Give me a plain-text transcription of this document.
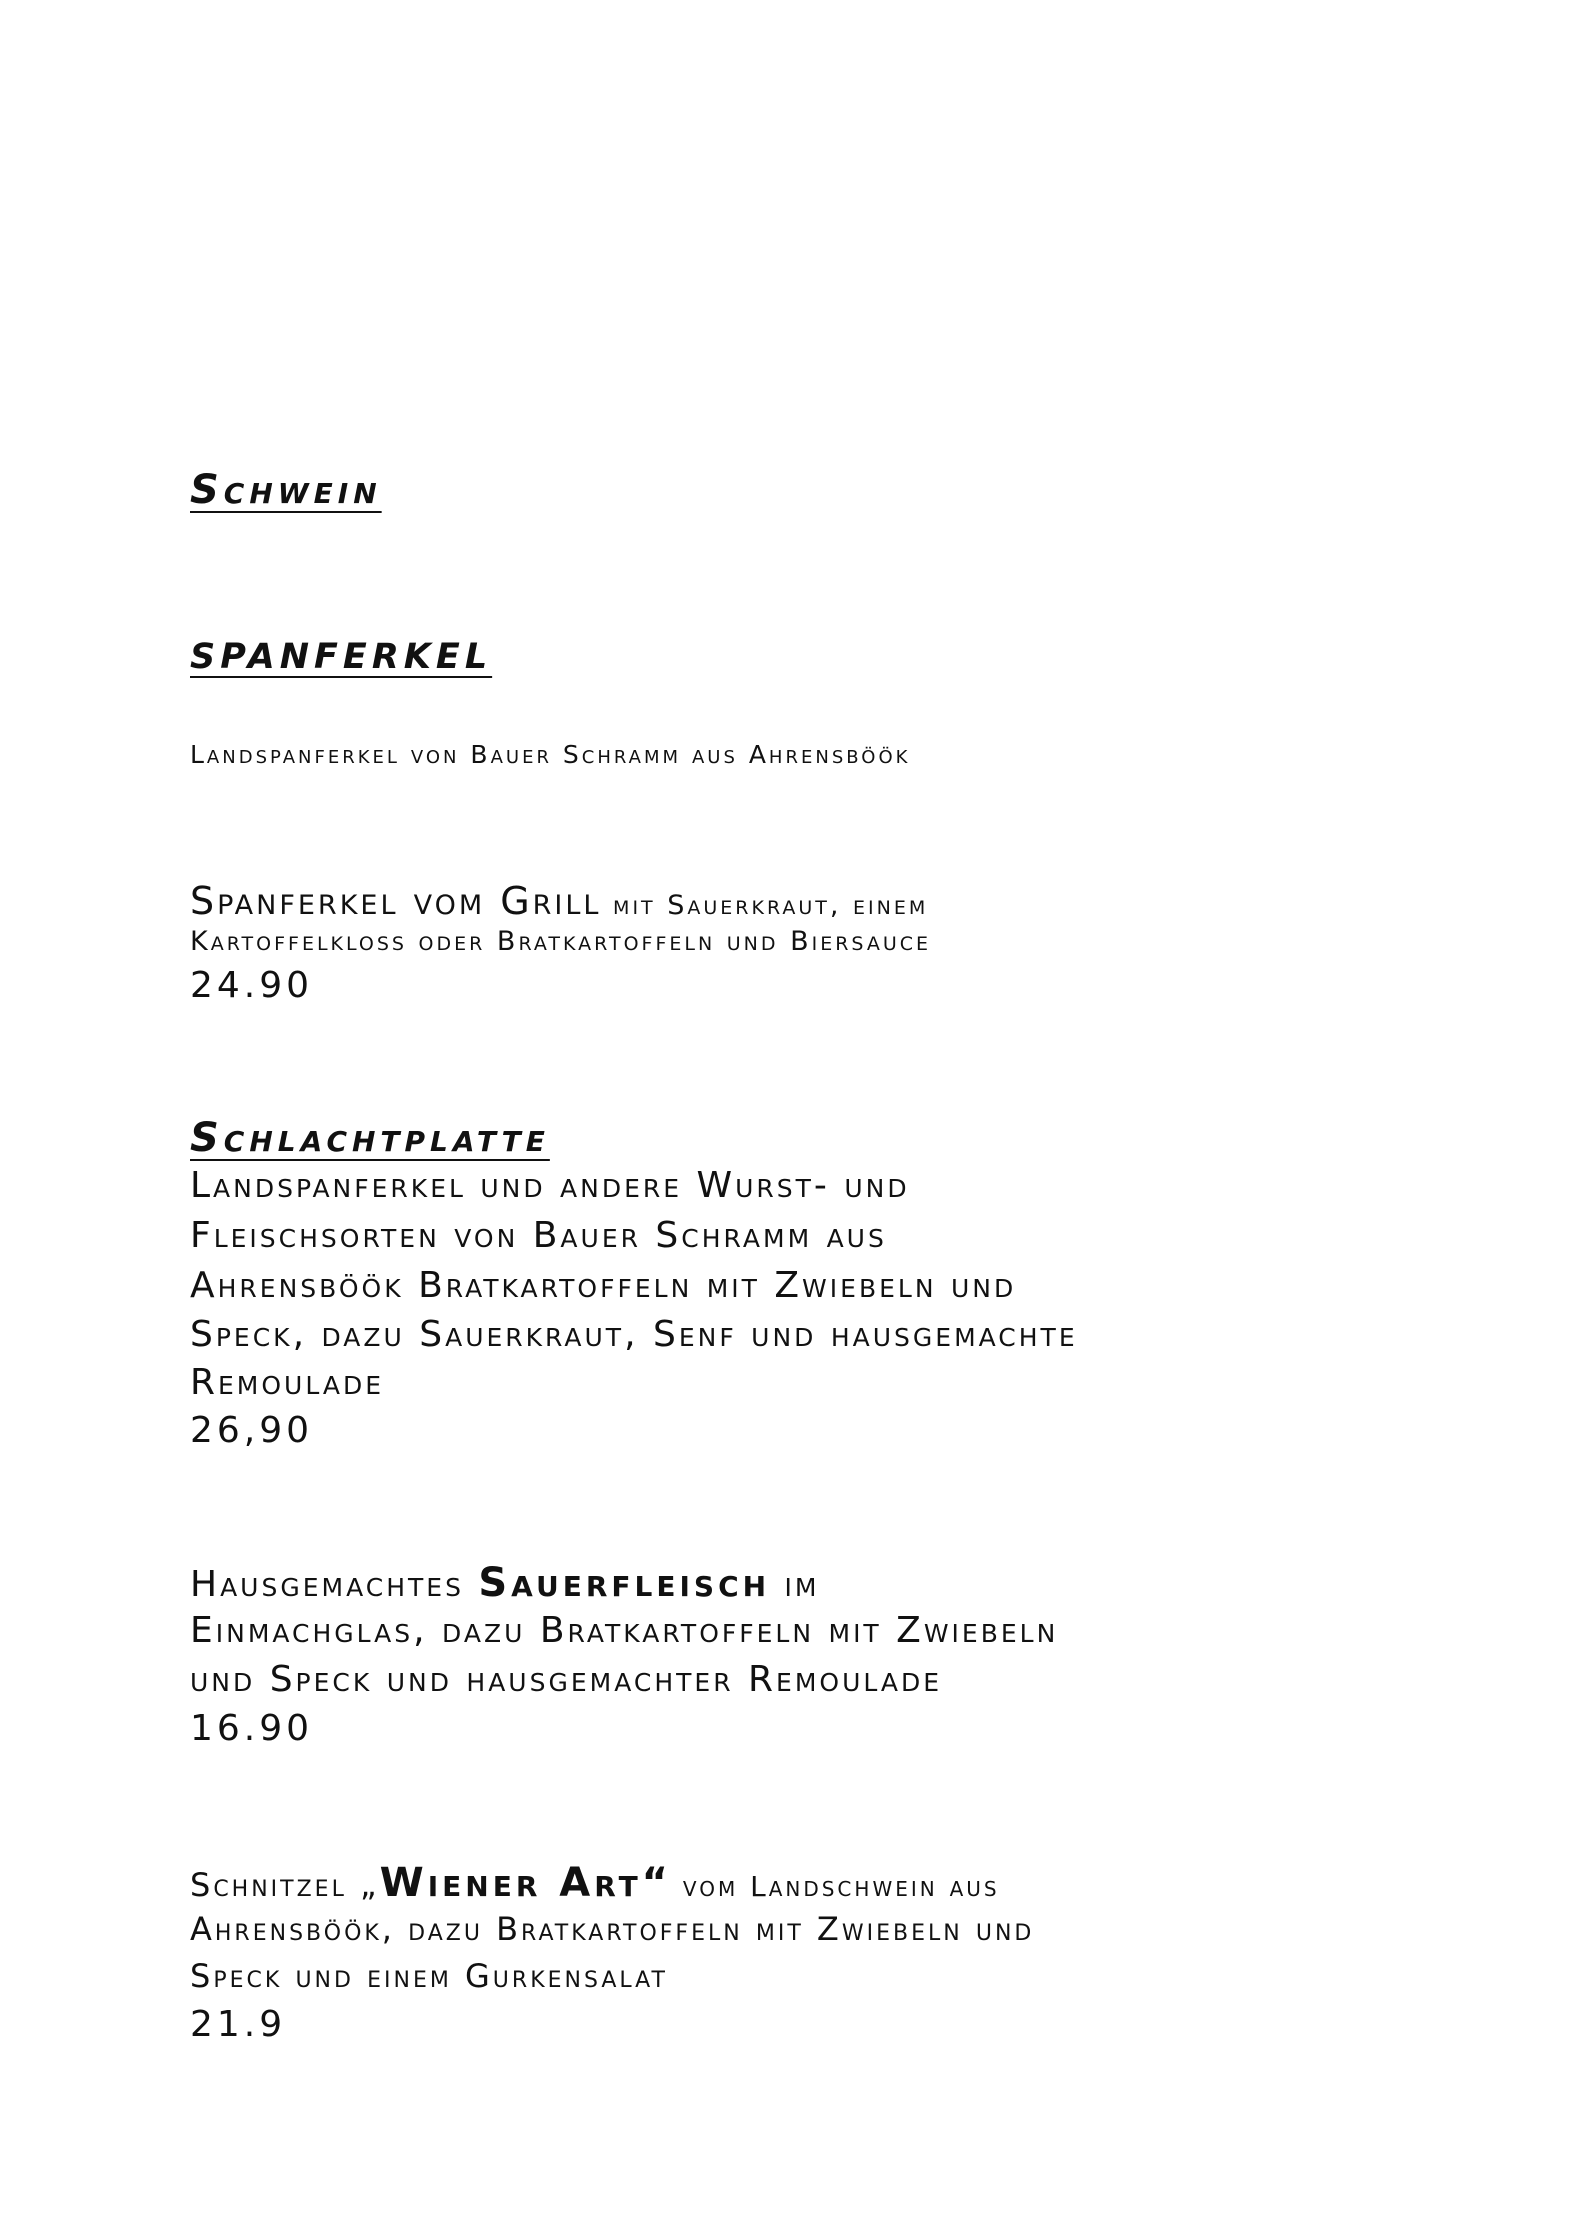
Schwein
SPANFERKEL

Landspanferkel von Bauer Schramm aus Ahrensböök

Spanferkel vom Grill mit Sauerkraut, einem

Kartoffelkloss oder Bratkartoffeln und Biersauce

24.90

Schlachtplatte

Landspanferkel und andere Wurst- und

Fleischsorten von Bauer Schramm aus

Ahrensböök Bratkartoffeln mit Zwiebeln und

Speck, dazu Sauerkraut, Senf und hausgemachte

Remoulade

26,90

Hausgemachtes Sauerfleisch im

Einmachglas, dazu Bratkartoffeln mit Zwiebeln

und Speck und hausgemachter Remoulade

16.90

Schnitzel „Wiener Art“ vom Landschwein aus

Ahrensböök, dazu Bratkartoffeln mit Zwiebeln und

Speck und einem Gurkensalat

21.9
